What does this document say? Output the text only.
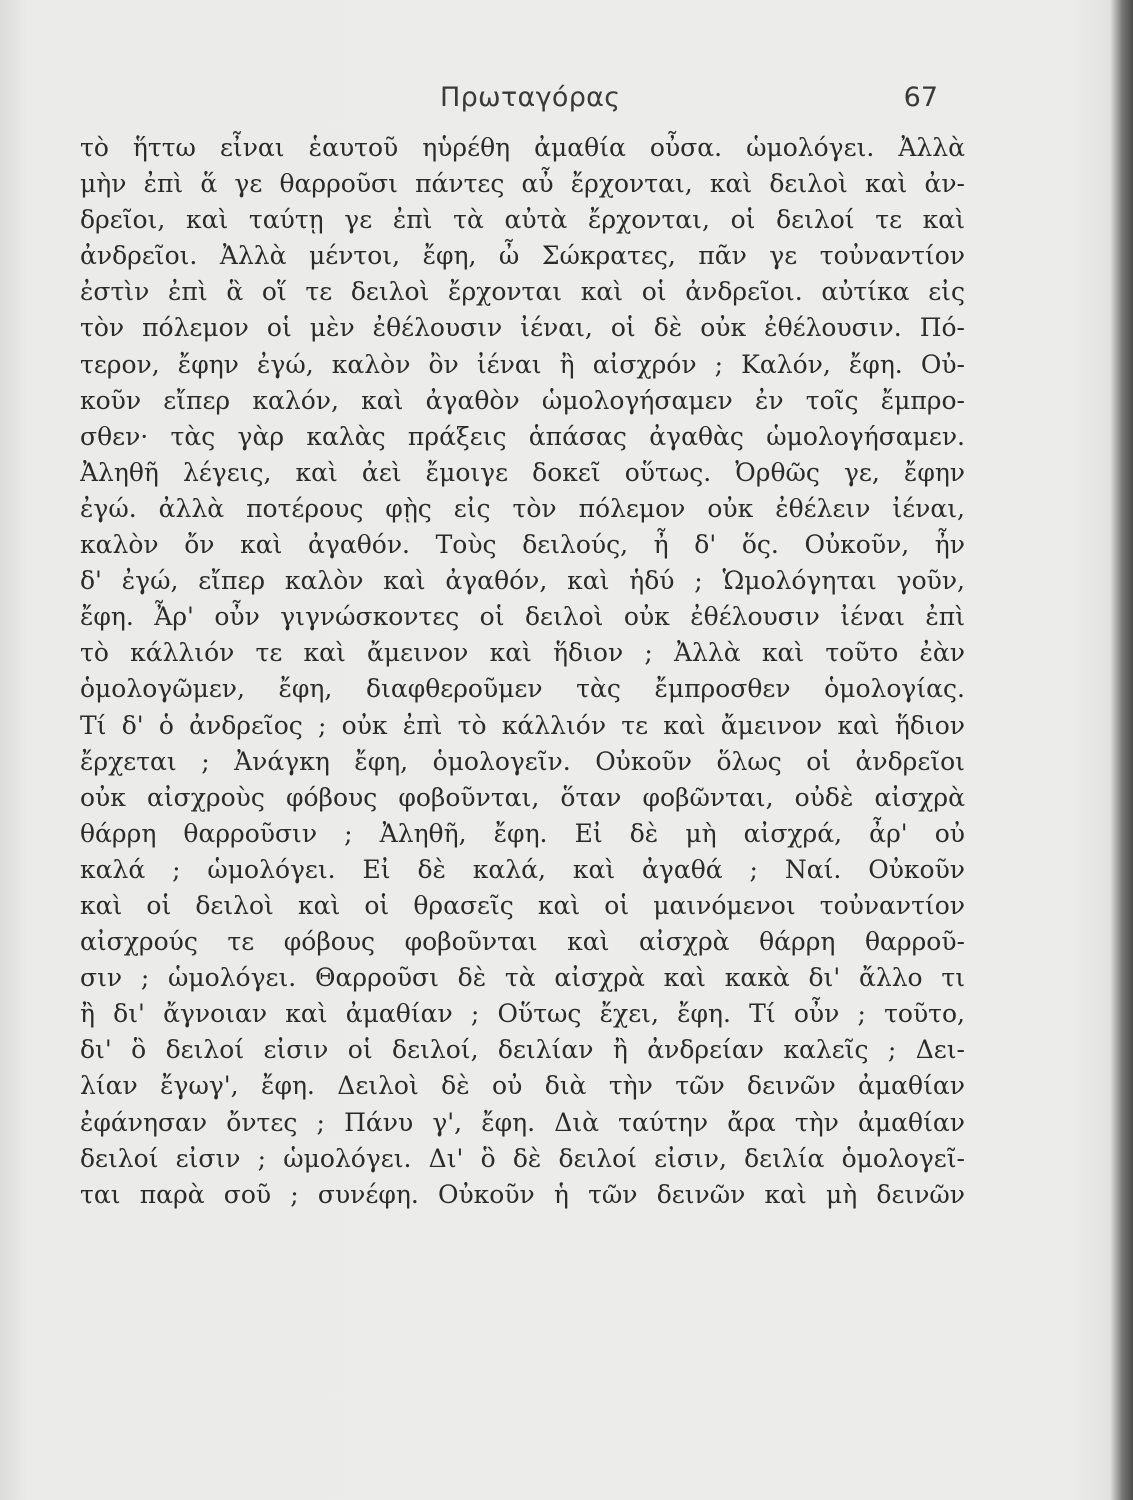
Πρωταγόρας	67
τὸ ἥττω εἶναι ἑαυτοῦ ηὑρέθη ἀμαθία οὖσα. ὡμολόγει. Ἀλλὰ
μὴν ἐπὶ ἅ γε θαρροῦσι πάντες αὖ ἔρχονται, καὶ δειλοὶ καὶ ἀν-
δρεῖοι, καὶ ταύτῃ γε ἐπὶ τὰ αὐτὰ ἔρχονται, οἱ δειλοί τε καὶ
ἀνδρεῖοι. Ἀλλὰ μέντοι, ἔφη, ὦ Σώκρατες, πᾶν γε τοὐναντίον
ἐστὶν ἐπὶ ἃ οἵ τε δειλοὶ ἔρχονται καὶ οἱ ἀνδρεῖοι. αὐτίκα εἰς
τὸν πόλεμον οἱ μὲν ἐθέλουσιν ἰέναι, οἱ δὲ οὐκ ἐθέλουσιν. Πό-
τερον, ἔφην ἐγώ, καλὸν ὂν ἰέναι ἢ αἰσχρόν ; Καλόν, ἔφη. Οὐ-
κοῦν εἴπερ καλόν, καὶ ἀγαθὸν ὡμολογήσαμεν ἐν τοῖς ἔμπρο-
σθεν· τὰς γὰρ καλὰς πράξεις ἁπάσας ἀγαθὰς ὡμολογήσαμεν.
Ἀληθῆ λέγεις, καὶ ἀεὶ ἔμοιγε δοκεῖ οὕτως. Ὀρθῶς γε, ἔφην
ἐγώ. ἀλλὰ ποτέρους φῂς εἰς τὸν πόλεμον οὐκ ἐθέλειν ἰέναι,
καλὸν ὄν καὶ ἀγαθόν. Τοὺς δειλούς, ἦ δ' ὅς. Οὐκοῦν, ἦν
δ' ἐγώ, εἴπερ καλὸν καὶ ἀγαθόν, καὶ ἡδύ ; Ὡμολόγηται γοῦν,
ἔφη. Ἆρ' οὖν γιγνώσκοντες οἱ δειλοὶ οὐκ ἐθέλουσιν ἰέναι ἐπὶ
τὸ κάλλιόν τε καὶ ἄμεινον καὶ ἥδιον ; Ἀλλὰ καὶ τοῦτο ἐὰν
ὁμολογῶμεν, ἔφη, διαφθεροῦμεν τὰς ἔμπροσθεν ὁμολογίας.
Τί δ' ὁ ἀνδρεῖος ; οὐκ ἐπὶ τὸ κάλλιόν τε καὶ ἄμεινον καὶ ἥδιον
ἔρχεται ; Ἀνάγκη ἔφη, ὁμολογεῖν. Οὐκοῦν ὅλως οἱ ἀνδρεῖοι
οὐκ αἰσχροὺς φόβους φοβοῦνται, ὅταν φοβῶνται, οὐδὲ αἰσχρὰ
θάρρη θαρροῦσιν ; Ἀληθῆ, ἔφη. Εἰ δὲ μὴ αἰσχρά, ἆρ' οὐ
καλά ; ὡμολόγει. Εἰ δὲ καλά, καὶ ἀγαθά ; Ναί. Οὐκοῦν
καὶ οἱ δειλοὶ καὶ οἱ θρασεῖς καὶ οἱ μαινόμενοι τοὐναντίον
αἰσχρούς τε φόβους φοβοῦνται καὶ αἰσχρὰ θάρρη θαρροῦ-
σιν ; ὡμολόγει. Θαρροῦσι δὲ τὰ αἰσχρὰ καὶ κακὰ δι' ἄλλο τι
ἢ δι' ἄγνοιαν καὶ ἀμαθίαν ; Οὕτως ἔχει, ἔφη. Τί οὖν ; τοῦτο,
δι' ὃ δειλοί εἰσιν οἱ δειλοί, δειλίαν ἢ ἀνδρείαν καλεῖς ; Δει-
λίαν ἔγωγ', ἔφη. Δειλοὶ δὲ οὐ διὰ τὴν τῶν δεινῶν ἀμαθίαν
ἐφάνησαν ὄντες ; Πάνυ γ', ἔφη. Διὰ ταύτην ἄρα τὴν ἀμαθίαν
δειλοί εἰσιν ; ὡμολόγει. Δι' ὃ δὲ δειλοί εἰσιν, δειλία ὁμολογεῖ-
ται παρὰ σοῦ ; συνέφη. Οὐκοῦν ἡ τῶν δεινῶν καὶ μὴ δεινῶν
